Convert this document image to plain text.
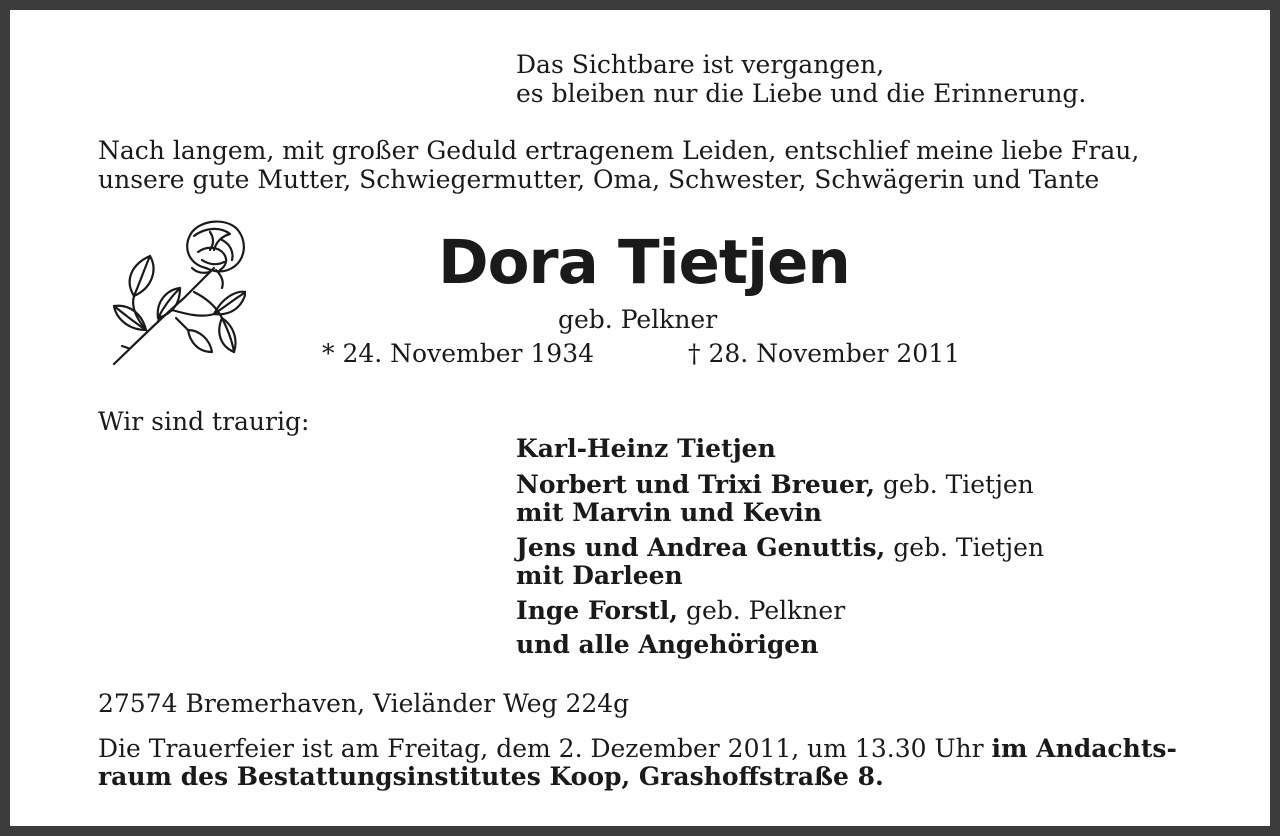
Das Sichtbare ist vergangen,
es bleiben nur die Liebe und die Erinnerung.
Nach langem, mit großer Geduld ertragenem Leiden, entschlief meine liebe Frau,
unsere gute Mutter, Schwiegermutter, Oma, Schwester, Schwägerin und Tante
Dora Tietjen
geb. Pelkner
* 24. November 1934	† 28. November 2011
Wir sind traurig:
Karl-Heinz Tietjen
Norbert und Trixi Breuer, geb. Tietjen
mit Marvin und Kevin
Jens und Andrea Genuttis, geb. Tietjen
mit Darleen
Inge Forstl, geb. Pelkner
und alle Angehörigen
27574 Bremerhaven, Vieländer Weg 224g
Die Trauerfeier ist am Freitag, dem 2. Dezember 2011, um 13.30 Uhr im Andachts-
raum des Bestattungsinstitutes Koop, Grashoffstraße 8.
